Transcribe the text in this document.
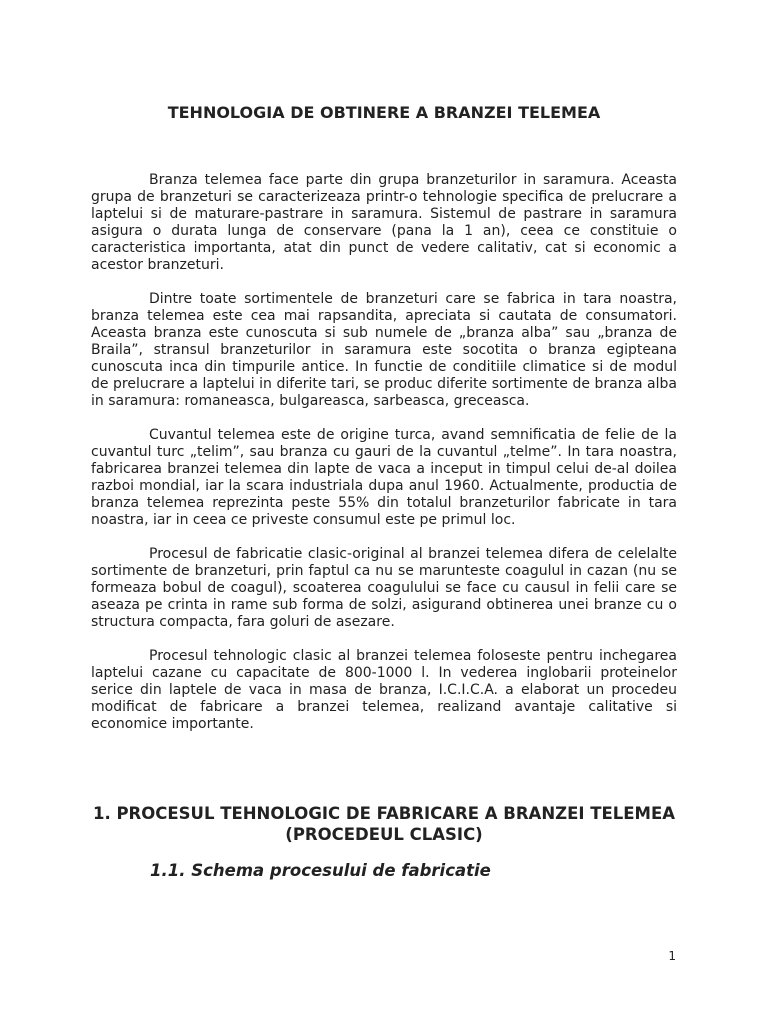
TEHNOLOGIA DE OBTINERE A BRANZEI TELEMEA

Branza telemea face parte din grupa branzeturilor in saramura. Aceasta grupa de branzeturi se caracterizeaza printr-o tehnologie specifica de prelucrare a laptelui si de maturare-pastrare in saramura. Sistemul de pastrare in saramura asigura o durata lunga de conservare (pana la 1 an), ceea ce constituie o caracteristica importanta, atat din punct de vedere calitativ, cat si economic a acestor branzeturi.

Dintre toate sortimentele de branzeturi care se fabrica in tara noastra, branza telemea este cea mai rapsandita, apreciata si cautata de consumatori. Aceasta branza este cunoscuta si sub numele de „branza alba” sau „branza de Braila”, stransul branzeturilor in saramura este socotita o branza egipteana cunoscuta inca din timpurile antice. In functie de conditiile climatice si de modul de prelucrare a laptelui in diferite tari, se produc diferite sortimente de branza alba in saramura: romaneasca, bulgareasca, sarbeasca, greceasca.

Cuvantul telemea este de origine turca, avand semnificatia de felie de la cuvantul turc „telim”, sau branza cu gauri de la cuvantul „telme”. In tara noastra, fabricarea branzei telemea din lapte de vaca a inceput in timpul celui de-al doilea razboi mondial, iar la scara industriala dupa anul 1960. Actualmente, productia de branza telemea reprezinta peste 55% din totalul branzeturilor fabricate in tara noastra, iar in ceea ce priveste consumul este pe primul loc.

Procesul de fabricatie clasic-original al branzei telemea difera de celelalte sortimente de branzeturi, prin faptul ca nu se marunteste coagulul in cazan (nu se formeaza bobul de coagul), scoaterea coagulului se face cu causul in felii care se aseaza pe crinta in rame sub forma de solzi, asigurand obtinerea unei branze cu o structura compacta, fara goluri de asezare.

Procesul tehnologic clasic al branzei telemea foloseste pentru inchegarea laptelui cazane cu capacitate de 800-1000 l. In vederea inglobarii proteinelor serice din laptele de vaca in masa de branza, I.C.I.C.A. a elaborat un procedeu modificat de fabricare a branzei telemea, realizand avantaje calitative si economice importante.

1. PROCESUL TEHNOLOGIC DE FABRICARE A BRANZEI TELEMEA (PROCEDEUL CLASIC)
1.1. Schema procesului de fabricatie
1
